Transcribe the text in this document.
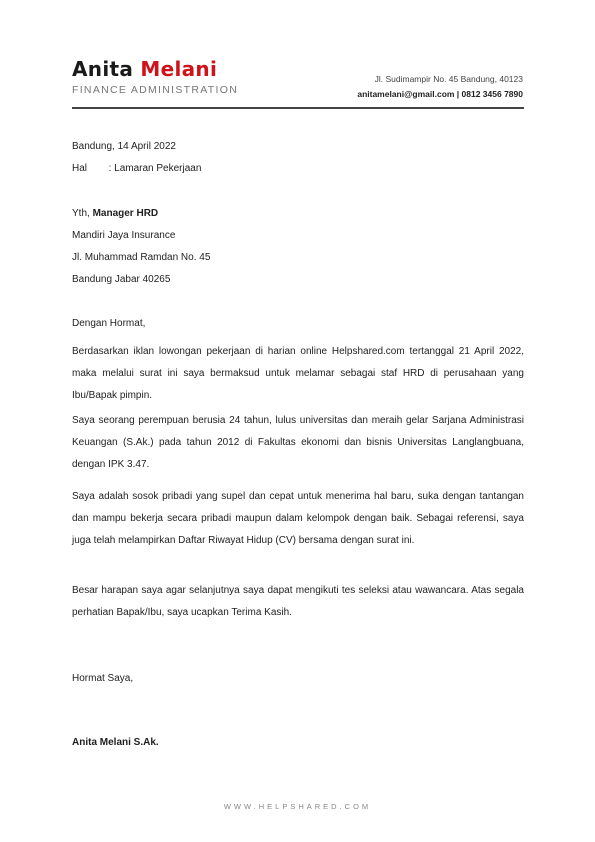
Anita Melani
FINANCE ADMINISTRATION
Jl. Sudimampir No. 45 Bandung, 40123
anitamelani@gmail.com | 0812 3456 7890
Bandung, 14 April 2022
Hal : Lamaran Pekerjaan
Yth, Manager HRD
Mandiri Jaya Insurance
Jl. Muhammad Ramdan No. 45
Bandung Jabar 40265
Dengan Hormat,
Berdasarkan iklan lowongan pekerjaan di harian online Helpshared.com tertanggal 21 April 2022, maka melalui surat ini saya bermaksud untuk melamar sebagai staf HRD di perusahaan yang Ibu/Bapak pimpin.
Saya seorang perempuan berusia 24 tahun, lulus universitas dan meraih gelar Sarjana Administrasi Keuangan (S.Ak.) pada tahun 2012 di Fakultas ekonomi dan bisnis Universitas Langlangbuana, dengan IPK 3.47.
Saya adalah sosok pribadi yang supel dan cepat untuk menerima hal baru, suka dengan tantangan dan mampu bekerja secara pribadi maupun dalam kelompok dengan baik. Sebagai referensi, saya juga telah melampirkan Daftar Riwayat Hidup (CV) bersama dengan surat ini.
Besar harapan saya agar selanjutnya saya dapat mengikuti tes seleksi atau wawancara. Atas segala perhatian Bapak/Ibu, saya ucapkan Terima Kasih.
Hormat Saya,
Anita Melani S.Ak.
WWW.HELPSHARED.COM
